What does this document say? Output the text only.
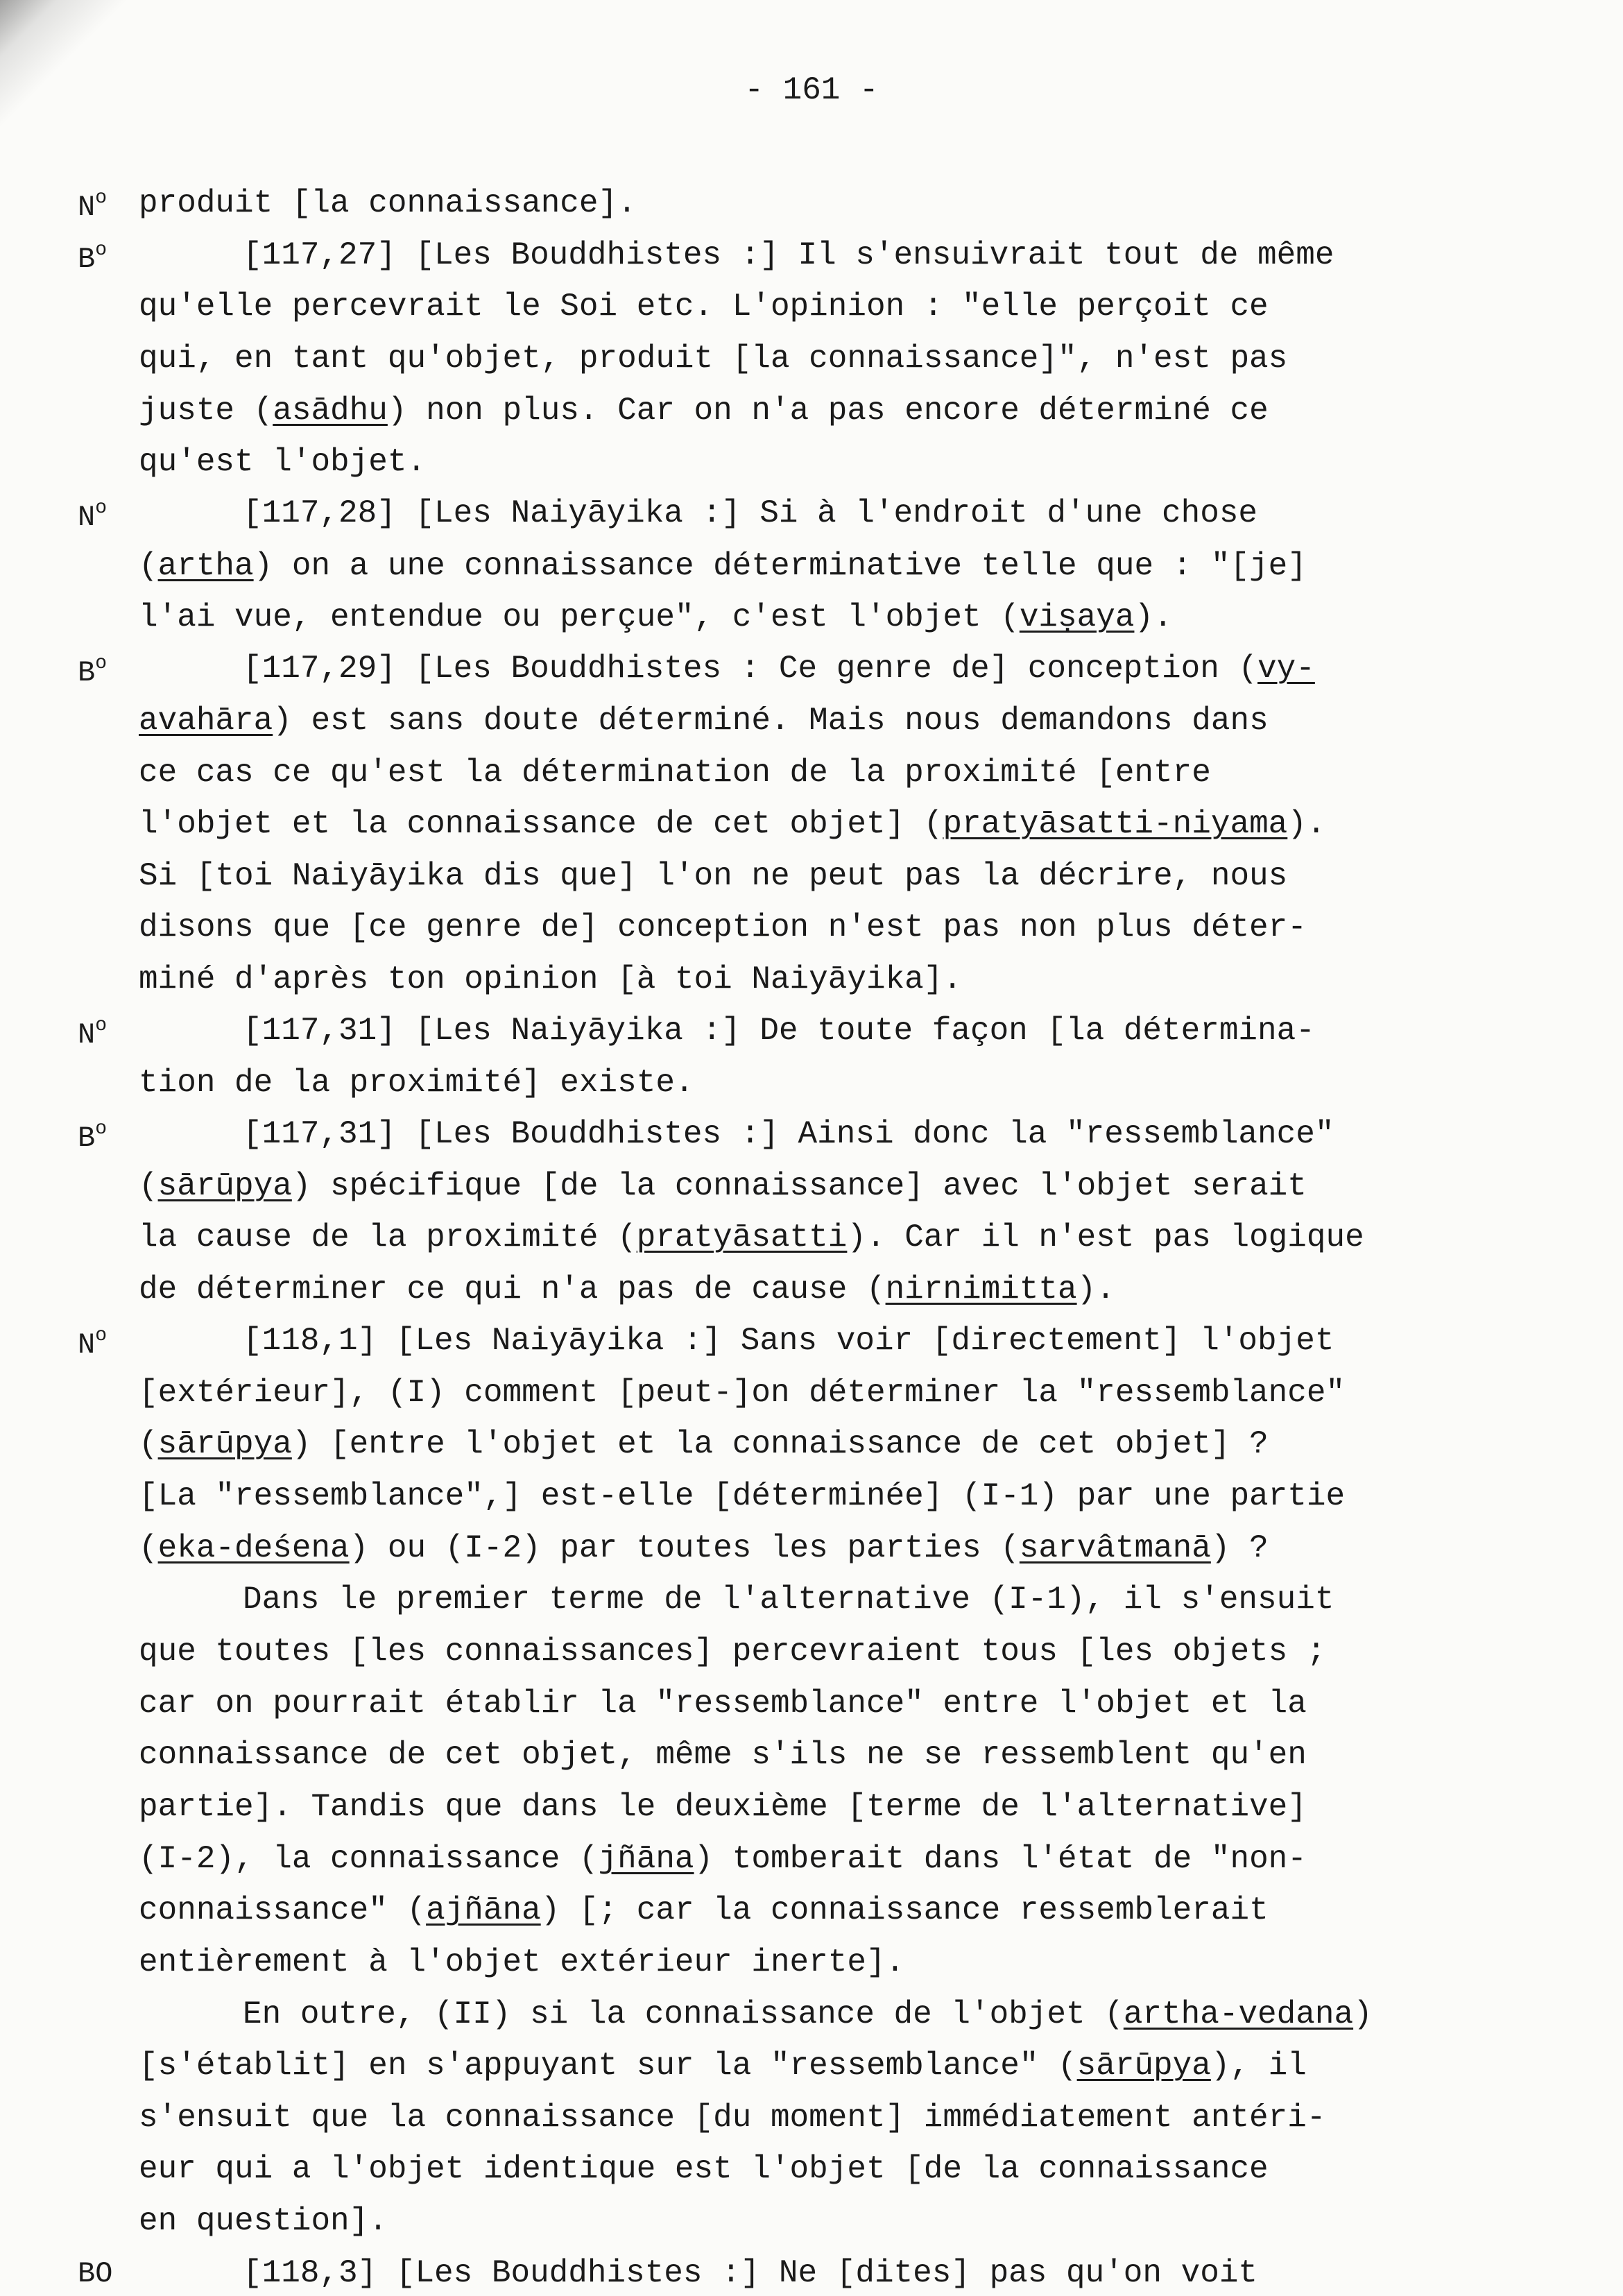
- 161 -
$N^o$
$B^o$
$N^o$
$B^o$
$N^o$
$B^o$
$N^o$
BO
produit [la connaissance].
[117,27] [Les Bouddhistes :] Il s'ensuivrait tout de même
qu'elle percevrait le Soi etc. L'opinion : "elle perçoit ce
qui, en tant qu'objet, produit [la connaissance]", n'est pas
juste (asādhu) non plus. Car on n'a pas encore déterminé ce
qu'est l'objet.
[117,28] [Les Naiyāyika :] Si à l'endroit d'une chose
(artha) on a une connaissance déterminative telle que : "[je]
l'ai vue, entendue ou perçue", c'est l'objet (viṣaya).
[117,29] [Les Bouddhistes : Ce genre de] conception (vy-
avahāra) est sans doute déterminé. Mais nous demandons dans
ce cas ce qu'est la détermination de la proximité [entre
l'objet et la connaissance de cet objet] (pratyāsatti-niyama).
Si [toi Naiyāyika dis que] l'on ne peut pas la décrire, nous
disons que [ce genre de] conception n'est pas non plus déter-
miné d'après ton opinion [à toi Naiyāyika].
[117,31] [Les Naiyāyika :] De toute façon [la détermina-
tion de la proximité] existe.
[117,31] [Les Bouddhistes :] Ainsi donc la "ressemblance"
(sārūpya) spécifique [de la connaissance] avec l'objet serait
la cause de la proximité (pratyāsatti). Car il n'est pas logique
de déterminer ce qui n'a pas de cause (nirnimitta).
[118,1] [Les Naiyāyika :] Sans voir [directement] l'objet
[extérieur], (I) comment [peut-]on déterminer la "ressemblance"
(sārūpya) [entre l'objet et la connaissance de cet objet] ?
[La "ressemblance",] est-elle [déterminée] (I-1) par une partie
(eka-deśena) ou (I-2) par toutes les parties (sarvâtmanā) ?
Dans le premier terme de l'alternative (I-1), il s'ensuit
que toutes [les connaissances] percevraient tous [les objets ;
car on pourrait établir la "ressemblance" entre l'objet et la
connaissance de cet objet, même s'ils ne se ressemblent qu'en
partie]. Tandis que dans le deuxième [terme de l'alternative]
(I-2), la connaissance (jñāna) tomberait dans l'état de "non-
connaissance" (ajñāna) [; car la connaissance ressemblerait
entièrement à l'objet extérieur inerte].
En outre, (II) si la connaissance de l'objet (artha-vedana)
[s'établit] en s'appuyant sur la "ressemblance" (sārūpya), il
s'ensuit que la connaissance [du moment] immédiatement antéri-
eur qui a l'objet identique est l'objet [de la connaissance
en question].
[118,3] [Les Bouddhistes :] Ne [dites] pas qu'on voit
